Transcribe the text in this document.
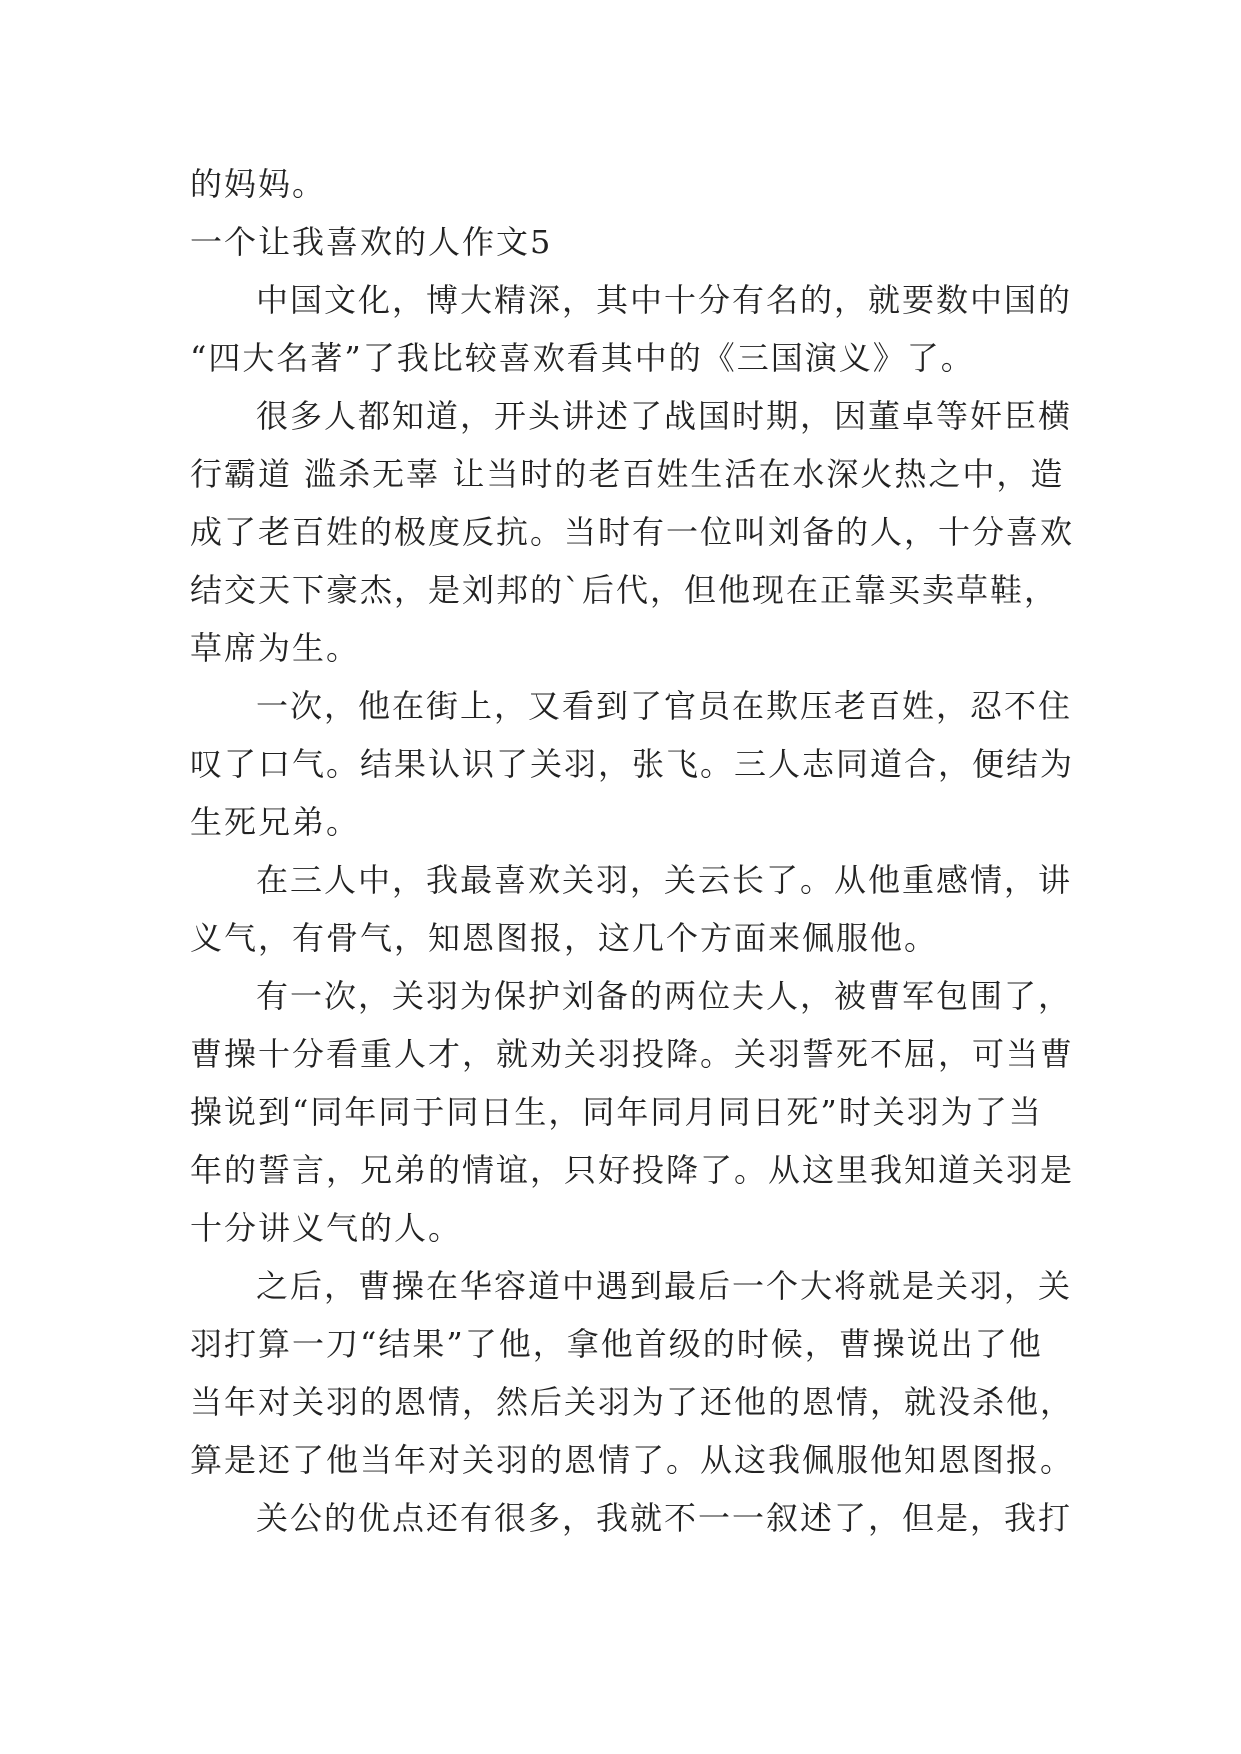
的妈妈。
一个让我喜欢的人作文5
中国文化，博大精深，其中十分有名的，就要数中国的
“四大名著”了我比较喜欢看其中的《三国演义》了。
很多人都知道，开头讲述了战国时期，因董卓等奸臣横
行霸道 滥杀无辜 让当时的老百姓生活在水深火热之中，造
成了老百姓的极度反抗。当时有一位叫刘备的人，十分喜欢
结交天下豪杰，是刘邦的`后代，但他现在正靠买卖草鞋，
草席为生。
一次，他在街上，又看到了官员在欺压老百姓，忍不住
叹了口气。结果认识了关羽，张飞。三人志同道合，便结为
生死兄弟。
在三人中，我最喜欢关羽，关云长了。从他重感情，讲
义气，有骨气，知恩图报，这几个方面来佩服他。
有一次，关羽为保护刘备的两位夫人，被曹军包围了，
曹操十分看重人才，就劝关羽投降。关羽誓死不屈，可当曹
操说到“同年同于同日生，同年同月同日死”时关羽为了当
年的誓言，兄弟的情谊，只好投降了。从这里我知道关羽是
十分讲义气的人。
之后，曹操在华容道中遇到最后一个大将就是关羽，关
羽打算一刀“结果”了他，拿他首级的时候，曹操说出了他
当年对关羽的恩情，然后关羽为了还他的恩情，就没杀他，
算是还了他当年对关羽的恩情了。从这我佩服他知恩图报。
关公的优点还有很多，我就不一一叙述了，但是，我打
